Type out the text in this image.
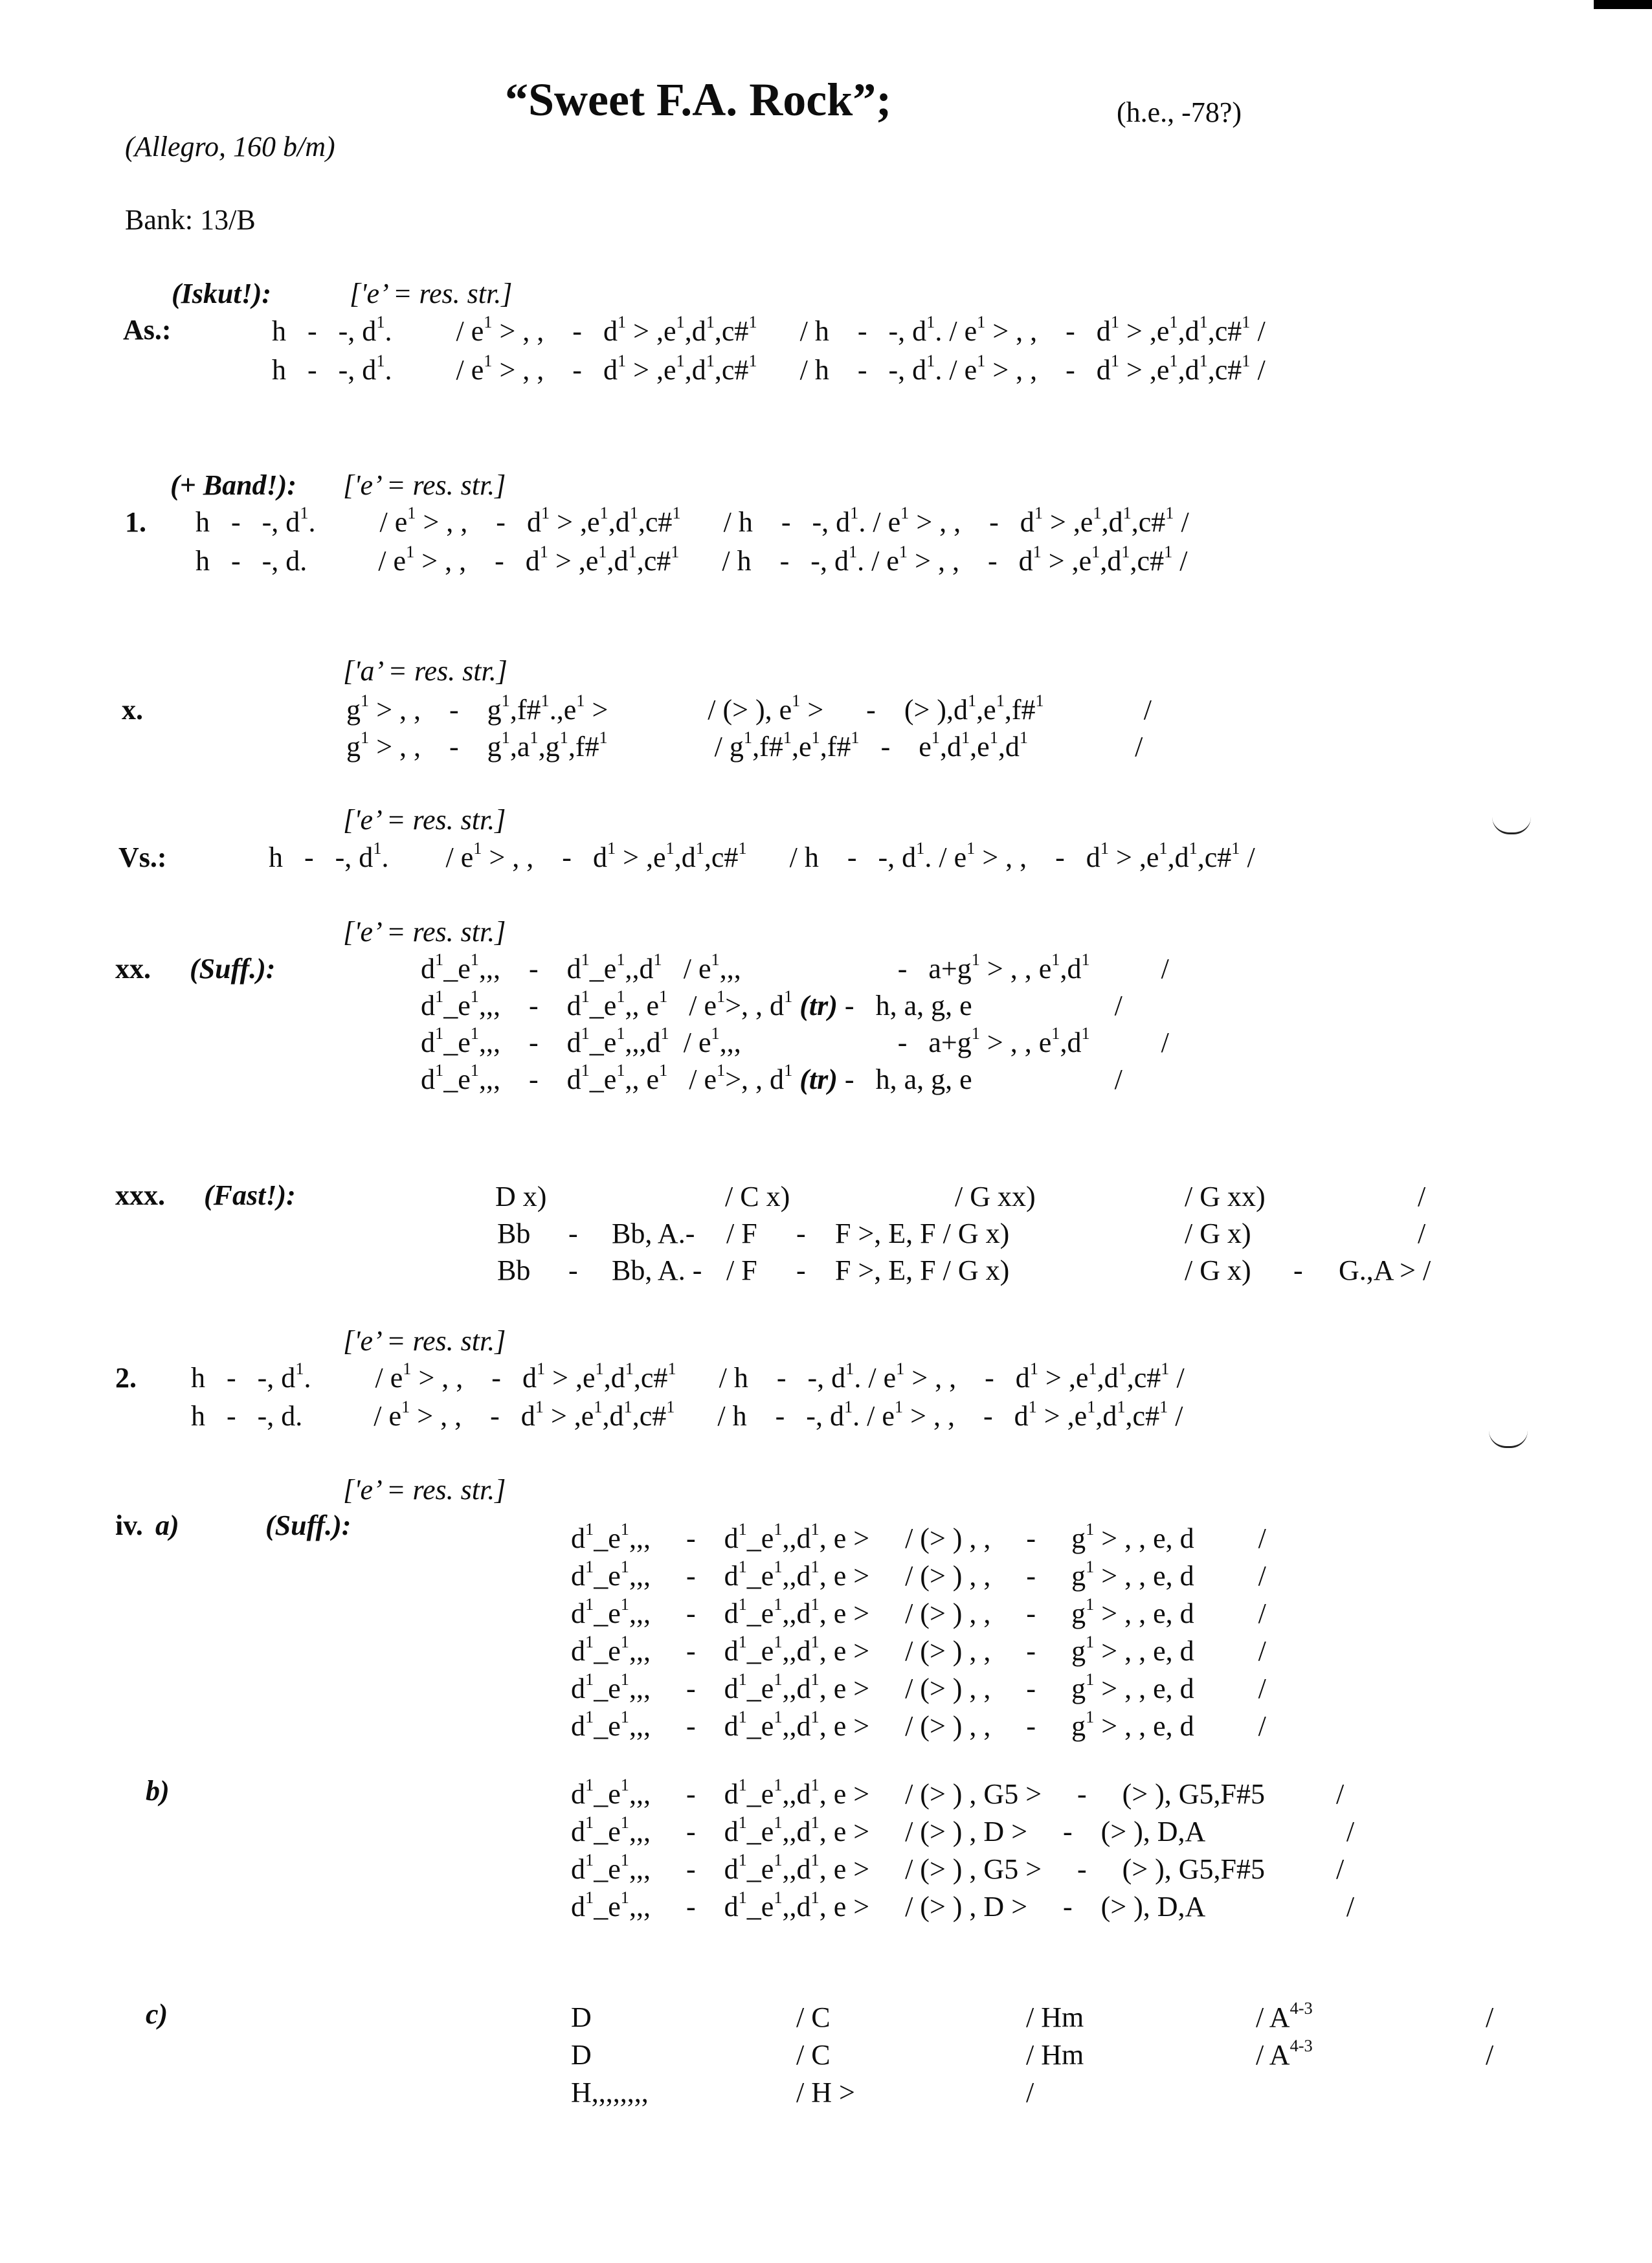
“Sweet F.A. Rock”;	(h.e., -78?)
(Allegro, 160 b/m)
Bank: 13/B
(Iskut!):	['e’ = res. str.]
As.:	h   -   -, $d^1$.         / $e^1$ > , ,    -   $d^1$ > $,e^1,d^1,c\#^1$      / h    -   -, $d^1$. / $e^1$ > , ,    -   $d^1$ > $,e^1,d^1,c\#^1$ /
h   -   -, $d^1$.         / $e^1$ > , ,    -   $d^1$ > $,e^1,d^1,c\#^1$      / h    -   -, $d^1$. / $e^1$ > , ,    -   $d^1$ > $,e^1,d^1,c\#^1$ /
(+ Band!): ['e’ = res. str.]
1. h   -   -, $d^1$.         / $e^1$ > , ,    -   $d^1$ > $,e^1,d^1,c\#^1$      / h    -   -, $d^1$. / $e^1$ > , ,    -   $d^1$ > $,e^1,d^1,c\#^1$ /
h   -   -, d.          / $e^1$ > , ,    -   $d^1$ > $,e^1,d^1,c\#^1$      / h    -   -, $d^1$. / $e^1$ > , ,    -   $d^1$ > $,e^1,d^1,c\#^1$ /
['a’ = res. str.]
x.	$g^1$ > , ,    -    $g^1,f\#^1.,e^1$ >              / (> ), $e^1$ >      -    (> )$,d^1,e^1,f\#^1$              /
$g^1$ > , ,    -    $g^1,a^1,g^1,f\#^1$               / $g^1,f\#^1,e^1,f\#^1$   -    $e^1,d^1,e^1,d^1$               /
['e’ = res. str.]
Vs.:	h   -   -, $d^1$.        / $e^1$ > , ,    -   $d^1$ > $,e^1,d^1,c\#^1$      / h    -   -, $d^1$. / $e^1$ > , ,    -   $d^1$ > $,e^1,d^1,c\#^1$ /
['e’ = res. str.]
xx. (Suff.):	$d^1\_e^1$,,,    -    $d^1\_e^1,,d^1 / e^1$,,,                      -   $a+g^1$ > , , $e^1,d^1$          /
$d^1\_e^1$,,,    -    $d^1\_e^1$,, $e^1 / e^1>$, , $d^1$ (tr) -   h, a, g, e                    /
$d^1\_e^1$,,,    -    $d^1\_e^1,,,d^1 / e^1$,,,                      -   $a+g^1$ > , , $e^1,d^1$          /
$d^1\_e^1$,,,    -    $d^1\_e^1$,, $e^1 / e^1>$, , $d^1$ (tr) -   h, a, g, e                    /
xxx. (Fast!):	D x)	/ C x)	/ G xx)	/ G xx)	/
Bb - Bb, A.- / F - F >, E, F / G x)	/ G x)	/
Bb - Bb, A. - / F - F >, E, F / G x)	/ G x) - G.,A > /
['e’ = res. str.]
2. h   -   -, $d^1$.         / $e^1$ > , ,    -   $d^1$ > $,e^1,d^1,c\#^1$      / h    -   -, $d^1$. / $e^1$ > , ,    -   $d^1$ > $,e^1,d^1,c\#^1$ /
h   -   -, d.          / $e^1$ > , ,    -   $d^1$ > $,e^1,d^1,c\#^1$      / h    -   -, $d^1$. / $e^1$ > , ,    -   $d^1$ > $,e^1,d^1,c\#^1$ /
['e’ = res. str.]
iv. a)	(Suff.):	$d^1\_e^1$,,,     -    $d^1\_e^1,,d^1$, e >     / (> ) , ,     -     $g^1$ > , , e, d         /
$d^1\_e^1$,,,     -    $d^1\_e^1,,d^1$, e >     / (> ) , ,     -     $g^1$ > , , e, d         /
$d^1\_e^1$,,,     -    $d^1\_e^1,,d^1$, e >     / (> ) , ,     -     $g^1$ > , , e, d         /
$d^1\_e^1$,,,     -    $d^1\_e^1,,d^1$, e >     / (> ) , ,     -     $g^1$ > , , e, d         /
$d^1\_e^1$,,,     -    $d^1\_e^1,,d^1$, e >     / (> ) , ,     -     $g^1$ > , , e, d         /
$d^1\_e^1$,,,     -    $d^1\_e^1,,d^1$, e >     / (> ) , ,     -     $g^1$ > , , e, d         /
b)	$d^1\_e^1$,,,     -    $d^1\_e^1,,d^1$, e >     / (> ) , G5 >     -     (> ), G5,F#5          /
$d^1\_e^1$,,,     -    $d^1\_e^1,,d^1$, e >     / (> ) , D >     -    (> ), D,A                    /
$d^1\_e^1$,,,     -    $d^1\_e^1,,d^1$, e >     / (> ) , G5 >     -     (> ), G5,F#5          /
$d^1\_e^1$,,,     -    $d^1\_e^1,,d^1$, e >     / (> ) , D >     -    (> ), D,A                    /
c)	D	/ C	/ Hm	/ $A^{4-3}$	/
D	/ C	/ Hm	/ $A^{4-3}$	/
H,,,,,,,,	/ H >	/
